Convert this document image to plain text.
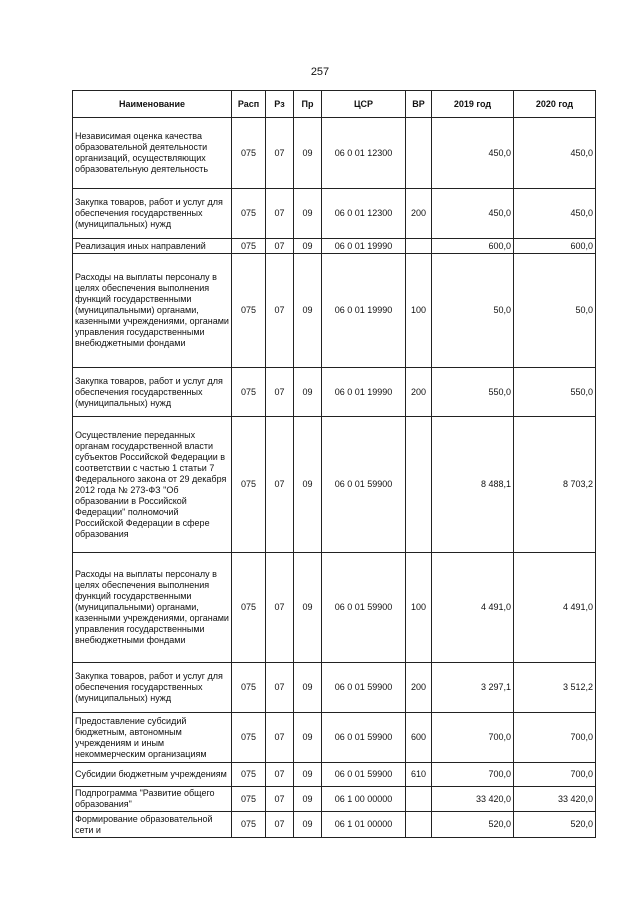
257
Наименование	Расп	Рз	Пр	ЦСР	ВР	2019 год	2020 год
Независимая оценка качества образовательной деятельности организаций, осуществляющих образовательную деятельность	075	07	09	06 0 01 12300		450,0	450,0
Закупка товаров, работ и услуг для обеспечения государственных (муниципальных) нужд	075	07	09	06 0 01 12300	200	450,0	450,0
Реализация иных направлений	075	07	09	06 0 01 19990		600,0	600,0
Расходы на выплаты персоналу в целях обеспечения выполнения функций государственными (муниципальными) органами, казенными учреждениями, органами управления государственными внебюджетными фондами	075	07	09	06 0 01 19990	100	50,0	50,0
Закупка товаров, работ и услуг для обеспечения государственных (муниципальных) нужд	075	07	09	06 0 01 19990	200	550,0	550,0
Осуществление переданных органам государственной власти субъектов Российской Федерации в соответствии с частью 1 статьи 7 Федерального закона от 29 декабря 2012 года № 273-ФЗ "Об образовании в Российской Федерации" полномочий Российской Федерации в сфере образования	075	07	09	06 0 01 59900		8 488,1	8 703,2
Расходы на выплаты персоналу в целях обеспечения выполнения функций государственными (муниципальными) органами, казенными учреждениями, органами управления государственными внебюджетными фондами	075	07	09	06 0 01 59900	100	4 491,0	4 491,0
Закупка товаров, работ и услуг для обеспечения государственных (муниципальных) нужд	075	07	09	06 0 01 59900	200	3 297,1	3 512,2
Предоставление субсидий бюджетным, автономным учреждениям и иным некоммерческим организациям	075	07	09	06 0 01 59900	600	700,0	700,0
Субсидии бюджетным учреждениям	075	07	09	06 0 01 59900	610	700,0	700,0
Подпрограмма "Развитие общего образования"	075	07	09	06 1 00 00000		33 420,0	33 420,0
Формирование образовательной сети и	075	07	09	06 1 01 00000		520,0	520,0
